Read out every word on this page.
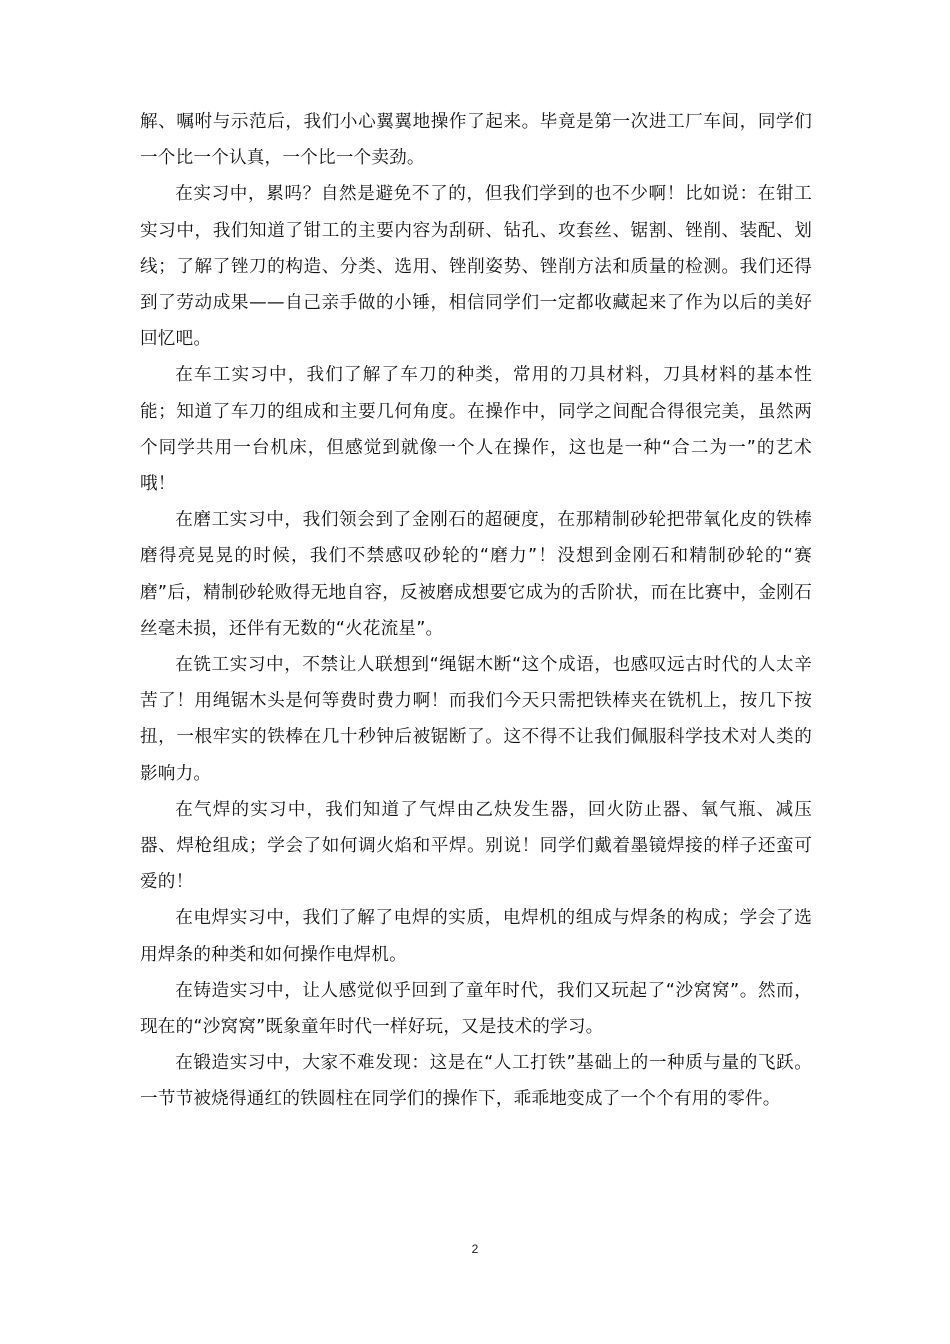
解、嘱咐与示范后，我们小心翼翼地操作了起来。毕竟是第一次进工厂车间，同学们一个比一个认真，一个比一个卖劲。

在实习中，累吗？自然是避免不了的，但我们学到的也不少啊！比如说：在钳工实习中，我们知道了钳工的主要内容为刮研、钻孔、攻套丝、锯割、锉削、装配、划线；了解了锉刀的构造、分类、选用、锉削姿势、锉削方法和质量的检测。我们还得到了劳动成果——自己亲手做的小锤，相信同学们一定都收藏起来了作为以后的美好回忆吧。

在车工实习中，我们了解了车刀的种类，常用的刀具材料，刀具材料的基本性能；知道了车刀的组成和主要几何角度。在操作中，同学之间配合得很完美，虽然两个同学共用一台机床，但感觉到就像一个人在操作，这也是一种“合二为一”的艺术哦！

在磨工实习中，我们领会到了金刚石的超硬度，在那精制砂轮把带氧化皮的铁棒磨得亮晃晃的时候，我们不禁感叹砂轮的“磨力”！没想到金刚石和精制砂轮的“赛磨”后，精制砂轮败得无地自容，反被磨成想要它成为的舌阶状，而在比赛中，金刚石丝毫未损，还伴有无数的“火花流星”。

在铣工实习中，不禁让人联想到“绳锯木断“这个成语，也感叹远古时代的人太辛苦了！用绳锯木头是何等费时费力啊！而我们今天只需把铁棒夹在铣机上，按几下按扭，一根牢实的铁棒在几十秒钟后被锯断了。这不得不让我们佩服科学技术对人类的影响力。

在气焊的实习中，我们知道了气焊由乙炔发生器，回火防止器、氧气瓶、减压器、焊枪组成；学会了如何调火焰和平焊。别说！同学们戴着墨镜焊接的样子还蛮可爱的！

在电焊实习中，我们了解了电焊的实质，电焊机的组成与焊条的构成；学会了选用焊条的种类和如何操作电焊机。

在铸造实习中，让人感觉似乎回到了童年时代，我们又玩起了“沙窝窝”。然而，现在的“沙窝窝”既象童年时代一样好玩，又是技术的学习。

在锻造实习中，大家不难发现：这是在“人工打铁”基础上的一种质与量的飞跃。一节节被烧得通红的铁圆柱在同学们的操作下，乖乖地变成了一个个有用的零件。

2
